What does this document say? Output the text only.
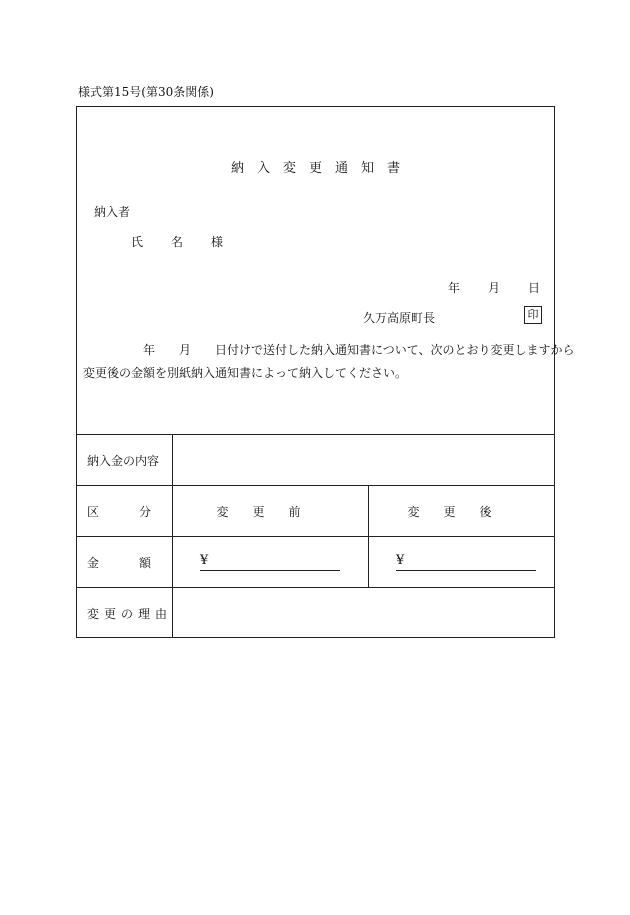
様式第15号(第30条関係)
納入変更通知書
納入者
氏名様
年 月 日
久万高原町長	印
年 月 日付けで送付した納入通知書について、次のとおり変更しますから
変更後の金額を別紙納入通知書によって納入してください。
納入金の内容		

区 分	変更前	変更後

金 額	¥	¥

変更の理由		
